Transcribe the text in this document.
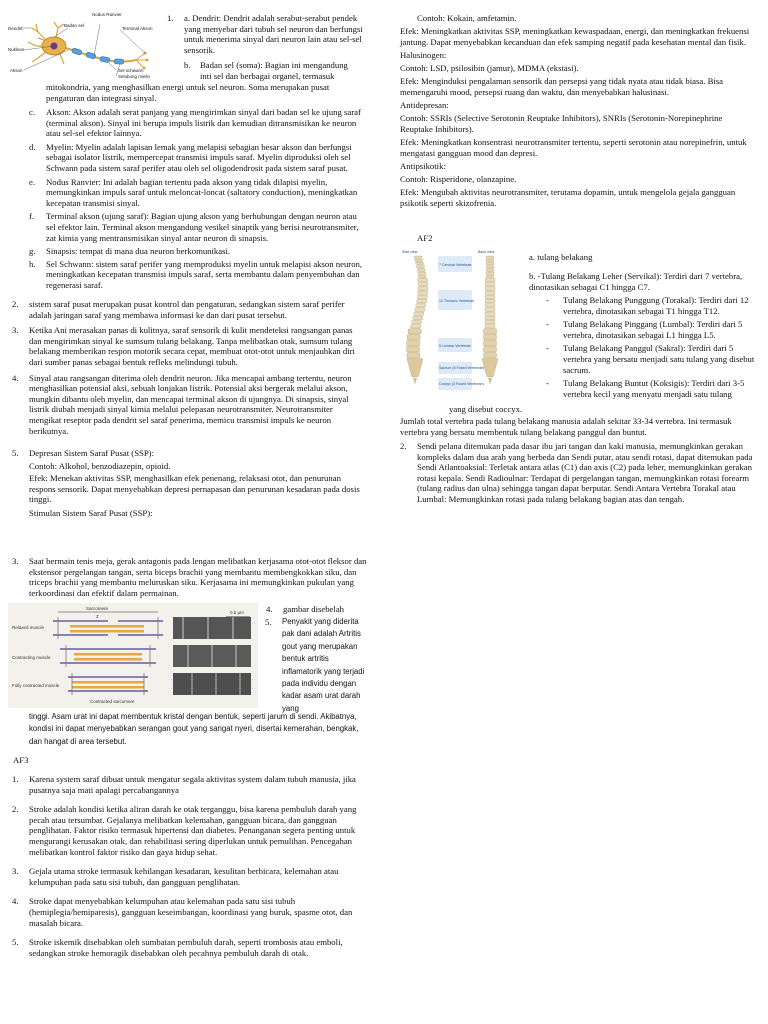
Dendrit
Badan sel
Nodus Ranvier
Terminal Akson
Nukleus
Akson	Sel schwann
Selubung mielin
1. a. Dendrit: Dendrit adalah serabut-serabut pendek yang menyebar dari tubuh sel neuron dan berfungsi untuk menerima sinyal dari neuron lain atau sel-sel sensorik.

b. Badan sel (soma): Bagian ini mengandung inti sel dan berbagai organel, termasuk

mitokondria, yang menghasilkan energi untuk sel neuron. Soma merupakan pusat pengaturan dan integrasi sinyal.

c. Akson: Akson adalah serat panjang yang mengirimkan sinyal dari badan sel ke ujung saraf (terminal akson). Sinyal ini berupa impuls listrik dan kemudian ditransmisikan ke neuron atau sel-sel efektor lainnya.

d. Myelin: Myelin adalah lapisan lemak yang melapisi sebagian besar akson dan berfungsi sebagai isolator listrik, mempercepat transmisi impuls saraf. Myelin diproduksi oleh sel Schwann pada sistem saraf perifer atau oleh sel oligodendrosit pada sistem saraf pusat.

e. Nodus Ranvier: Ini adalah bagian tertentu pada akson yang tidak dilapisi myelin, memungkinkan impuls saraf untuk meloncat-loncat (saltatory conduction), meningkatkan kecepatan transmisi sinyal.

f. Terminal akson (ujung saraf): Bagian ujung akson yang berhubungan dengan neuron atau sel efektor lain. Terminal akson mengandung vesikel sinaptik yang berisi neurotransmiter, zat kimia yang mentransmisikan sinyal antar neuron di sinapsis.

g. Sinapsis: tempat di mana dua neuron berkomunikasi.

h. Sel Schwann: sistem saraf perifer yang memproduksi myelin untuk melapisi akson neuron, meningkatkan kecepatan transmisi impuls saraf, serta membantu dalam penyembuhan dan regenerasi saraf.

2. sistem saraf pusat merupakan pusat kontrol dan pengaturan, sedangkan sistem saraf perifer adalah jaringan saraf yang membawa informasi ke dan dari pusat tersebut.

3. Ketika Ani merasakan panas di kulitnya, saraf sensorik di kulit mendeteksi rangsangan panas dan mengirimkan sinyal ke sumsum tulang belakang. Tanpa melibatkan otak, sumsum tulang belakang memberikan respon motorik secara cepat, membuat otot-otot untuk menjauhkan diri dari sumber panas sebagai bentuk refleks melindungi tubuh.

4. Sinyal atau rangsangan diterima oleh dendrit neuron. Jika mencapai ambang tertentu, neuron menghasilkan potensial aksi, sebuah lonjakan listrik. Potensial aksi bergerak melalui akson, mungkin dibantu oleh myelin, dan mencapai terminal akson di ujungnya. Di sinapsis, sinyal listrik diubah menjadi sinyal kimia melalui pelepasan neurotransmiter. Neurotransmiter mengikat reseptor pada dendrit sel saraf penerima, memicu transmisi impuls ke neuron berikutnya.

5. Depresan Sistem Saraf Pusat (SSP):

Contoh: Alkohol, benzodiazepin, opioid.

Efek: Menekan aktivitas SSP, menghasilkan efek penenang, relaksasi otot, dan penurunan respons sensorik. Dapat menyebabkan depresi pernapasan dan penurunan kesadaran pada dosis tinggi.

Stimulan Sistem Saraf Pusat (SSP):

3. Saat bermain tenis meja, gerak antagonis pada lengan melibatkan kerjasama otot-otot fleksor dan ekstensor pergelangan tangan, serta biceps brachii yang membantu membengkokkan siku, dan triceps brachii yang membantu meluruskan siku. Kerjasama ini memungkinkan pukulan yang terkoordinasi dan efektif dalam permainan.

Sarcomere
Z
0.5 µm
Relaxed muscle
Contracting muscle
Fully contracted muscle
Contracted sarcomere
4. gambar disebelah

5. Penyakit yang diderita pak dani adalah Artritis gout yang merupakan bentuk artritis inflamatorik yang terjadi pada individu dengan kadar asam urat darah yang

tinggi. Asam urat ini dapat membentuk kristal dengan bentuk, seperti jarum di sendi. Akibatnya, kondisi ini dapat menyebabkan serangan gout yang sangat nyeri, disertai kemerahan, bengkak, dan hangat di area tersebut.

AF3

1. Karena system saraf dibuat untuk mengatur segala aktivitas system dalam tubuh manusia, jika pusatnya saja mati apalagi percabangannya

2. Stroke adalah kondisi ketika aliran darah ke otak terganggu, bisa karena pembuluh darah yang pecah atau tersumbat. Gejalanya melibatkan kelemahan, gangguan bicara, dan gangguan penglihatan. Faktor risiko termasuk hipertensi dan diabetes. Penanganan segera penting untuk mengurangi kerusakan otak, dan rehabilitasi sering diperlukan untuk pemulihan. Pencegahan melibatkan kontrol faktor risiko dan gaya hidup sehat.

3. Gejala utama stroke termasuk kehilangan kesadaran, kesulitan berbicara, kelemahan atau kelumpuhan pada satu sisi tubuh, dan gangguan penglihatan.

4. Stroke dapat menyebabkan kelumpuhan atau kelemahan pada satu sisi tubuh (hemiplegia/hemiparesis), gangguan keseimbangan, koordinasi yang buruk, spasme otot, dan masalah bicara.

5. Stroke iskemik disebabkan oleh sumbatan pembuluh darah, seperti trombosis atau emboli, sedangkan stroke hemoragik disebabkan oleh pecahnya pembuluh darah di otak.

Contoh: Kokain, amfetamin.

Efek: Meningkatkan aktivitas SSP, meningkatkan kewaspadaan, energi, dan meningkatkan frekuensi jantung. Dapat menyebabkan kecanduan dan efek samping negatif pada kesehatan mental dan fisik.

Halusinogen:

Contoh: LSD, psilosibin (jamur), MDMA (ekstasi).

Efek: Menginduksi pengalaman sensorik dan persepsi yang tidak nyata atau tidak biasa. Bisa memengaruhi mood, persepsi ruang dan waktu, dan menyebabkan halusinasi.

Antidepresan:

Contoh: SSRIs (Selective Serotonin Reuptake Inhibitors), SNRIs (Serotonin-Norepinephrine Reuptake Inhibitors).

Efek: Meningkatkan konsentrasi neurotransmiter tertentu, seperti serotonin atau norepinefrin, untuk mengatasi gangguan mood dan depresi.

Antipsikotik:

Contoh: Risperidone, olanzapine.

Efek: Mengubah aktivitas neurotransmiter, terutama dopamin, untuk mengelola gejala gangguan psikotik seperti skizofrenia.

AF2

Side view	Back view
7 Cervical Vertebrae
12 Thoracic Vertebrae
5 Lumbar Vertebrae
Sacrum (5 Fused Vertebrae)
Coccyx (3 Fused Vertebrae)

a. tulang belakang

b. -Tulang Belakang Leher (Servikal): Terdiri dari 7 vertebra, dinotasikan sebagai C1 hingga C7.

- Tulang Belakang Punggung (Torakal): Terdiri dari 12 vertebra, dinotasikan sebagai T1 hingga T12.

- Tulang Belakang Pinggang (Lumbal): Terdiri dari 5 vertebra, dinotasikan sebagai L1 hingga L5.

- Tulang Belakang Panggul (Sakral): Terdiri dari 5 vertebra yang bersatu menjadi satu tulang yang disebut sacrum.

- Tulang Belakang Buntut (Koksigis): Terdiri dari 3-5 vertebra kecil yang menyatu menjadi satu tulang

yang disebut coccyx.

Jumlah total vertebra pada tulang belakang manusia adalah sekitar 33-34 vertebra. Ini termasuk vertebra yang bersatu membentuk tulang belakang panggul dan buntut.

2. Sendi pelana ditemukan pada dasar ibu jari tangan dan kaki manusia, memungkinkan gerakan kompleks dalam dua arah yang berbeda dan Sendi putar, atau sendi rotasi, dapat ditemukan pada Sendi Atlantoaksial: Terletak antara atlas (C1) dan axis (C2) pada leher, memungkinkan gerakan rotasi kepala. Sendi Radioulnar: Terdapat di pergelangan tangan, memungkinkan rotasi forearm (tulang radius dan ulna) sehingga tangan dapat berputar. Sendi Antara Vertebra Torakal atau Lumbal: Memungkinkan rotasi pada tulang belakang bagian atas dan tengah.
